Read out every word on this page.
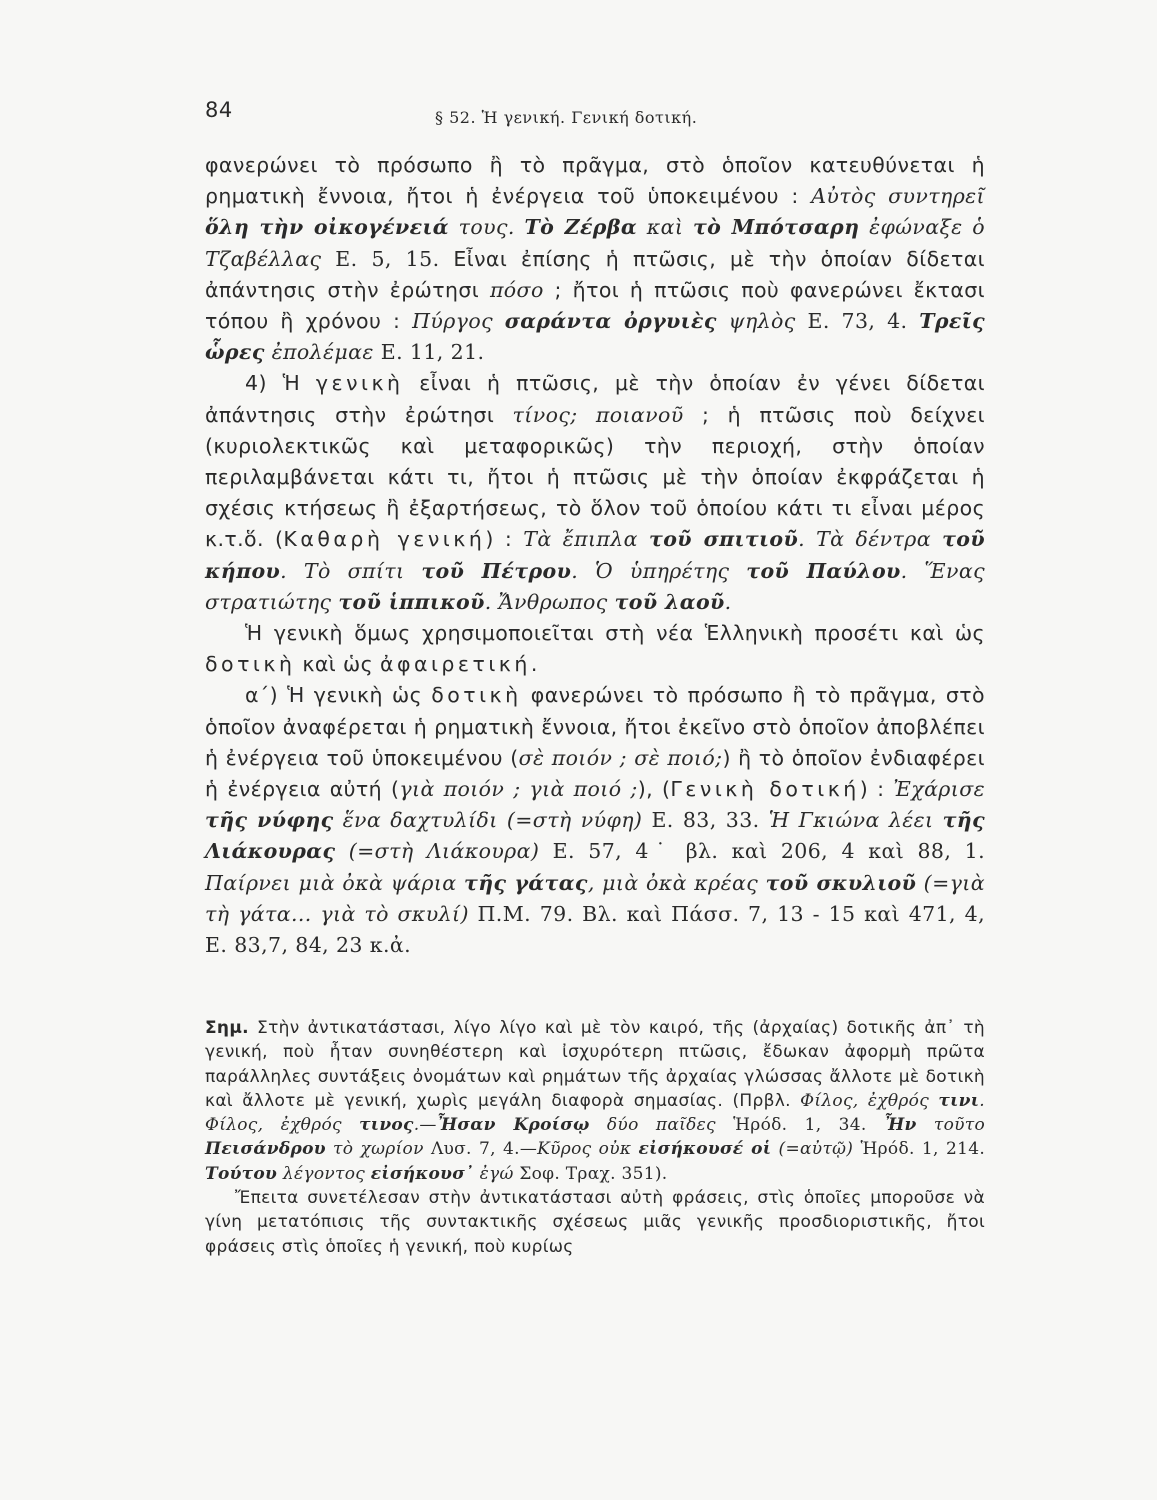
84	§ 52. Ἡ γενική. Γενική δοτική.

φανερώνει τὸ πρόσωπο ἢ τὸ πρᾶγμα, στὸ ὁποῖον κατευθύνεται ἡ ρηματικὴ ἔννοια, ἤτοι ἡ ἐνέργεια τοῦ ὑποκειμένου : Αὐτὸς συντηρεῖ ὅλη τὴν οἰκογένειά τους. Τὸ Ζέρβα καὶ τὸ Μπότσαρη ἐφώναξε ὁ Τζαβέλλας Ε. 5, 15. Εἶναι ἐπίσης ἡ πτῶσις, μὲ τὴν ὁποίαν δίδεται ἀπάντησις στὴν ἐρώτησι πόσο ; ἤτοι ἡ πτῶσις ποὺ φανερώνει ἔκτασι τόπου ἢ χρόνου : Πύργος σαράντα ὀργυιὲς ψηλὸς Ε. 73, 4. Τρεῖς ὧρες ἐπολέμαε Ε. 11, 21.

4) Ἡ γενικὴ εἶναι ἡ πτῶσις, μὲ τὴν ὁποίαν ἐν γένει δίδεται ἀπάντησις στὴν ἐρώτησι τίνος; ποιανοῦ ; ἡ πτῶσις ποὺ δείχνει (κυριολεκτικῶς καὶ μεταφορικῶς) τὴν περιοχή, στὴν ὁποίαν περιλαμβάνεται κάτι τι, ἤτοι ἡ πτῶσις μὲ τὴν ὁποίαν ἐκφράζεται ἡ σχέσις κτήσεως ἢ ἐξαρτήσεως, τὸ ὅλον τοῦ ὁποίου κάτι τι εἶναι μέρος κ.τ.ὅ. (Καθαρὴ γενική) : Τὰ ἔπιπλα τοῦ σπιτιοῦ. Τὰ δέντρα τοῦ κήπου. Τὸ σπίτι τοῦ Πέτρου. Ὁ ὑπηρέτης τοῦ Παύλου. Ἕνας στρατιώτης τοῦ ἱππικοῦ. Ἄνθρωπος τοῦ λαοῦ.

Ἡ γενικὴ ὅμως χρησιμοποιεῖται στὴ νέα Ἑλληνικὴ προσέτι καὶ ὡς δοτικὴ καὶ ὡς ἀφαιρετική.

α΄) Ἡ γενικὴ ὡς δοτικὴ φανερώνει τὸ πρόσωπο ἢ τὸ πρᾶγμα, στὸ ὁποῖον ἀναφέρεται ἡ ρηματικὴ ἔννοια, ἤτοι ἐκεῖνο στὸ ὁποῖον ἀποβλέπει ἡ ἐνέργεια τοῦ ὑποκειμένου (σὲ ποιόν ; σὲ ποιό;) ἢ τὸ ὁποῖον ἐνδιαφέρει ἡ ἐνέργεια αὐτή (γιὰ ποιόν ; γιὰ ποιό ;), (Γενικὴ δοτική) : Ἐχάρισε τῆς νύφης ἕνα δαχτυλίδι (=στὴ νύφη) Ε. 83, 33. Ἡ Γκιώνα λέει τῆς Λιάκουρας (=στὴ Λιάκουρα) Ε. 57, 4˙ βλ. καὶ 206, 4 καὶ 88, 1. Παίρνει μιὰ ὀκὰ ψάρια τῆς γάτας, μιὰ ὀκὰ κρέας τοῦ σκυλιοῦ (=γιὰ τὴ γάτα... γιὰ τὸ σκυλί) Π.Μ. 79. Βλ. καὶ Πάσσ. 7, 13 - 15 καὶ 471, 4, Ε. 83,7, 84, 23 κ.ἀ.

Σημ. Στὴν ἀντικατάστασι, λίγο λίγο καὶ μὲ τὸν καιρό, τῆς (ἀρχαίας) δοτικῆς ἀπ᾿ τὴ γενική, ποὺ ἦταν συνηθέστερη καὶ ἰσχυρότερη πτῶσις, ἔδωκαν ἀφορμὴ πρῶτα παράλληλες συντάξεις ὀνομάτων καὶ ρημάτων τῆς ἀρχαίας γλώσσας ἄλλοτε μὲ δοτικὴ καὶ ἄλλοτε μὲ γενική, χωρὶς μεγάλη διαφορὰ σημασίας. (Πρβλ. Φίλος, ἐχθρός τινι. Φίλος, ἐχθρός τινος.—Ἦσαν Κροίσῳ δύο παῖδες Ἡρόδ. 1, 34. Ἦν τοῦτο Πεισάνδρου τὸ χωρίον Λυσ. 7, 4.—Κῦρος οὐκ εἰσήκουσέ οἱ (=αὐτῷ) Ἡρόδ. 1, 214. Τούτου λέγοντος εἰσήκουσ᾿ ἐγώ Σοφ. Τραχ. 351).

Ἔπειτα συνετέλεσαν στὴν ἀντικατάστασι αὐτὴ φράσεις, στὶς ὁποῖες μποροῦσε νὰ γίνη μετατόπισις τῆς συντακτικῆς σχέσεως μιᾶς γενικῆς προσδιοριστικῆς, ἤτοι φράσεις στὶς ὁποῖες ἡ γενική, ποὺ κυρίως
